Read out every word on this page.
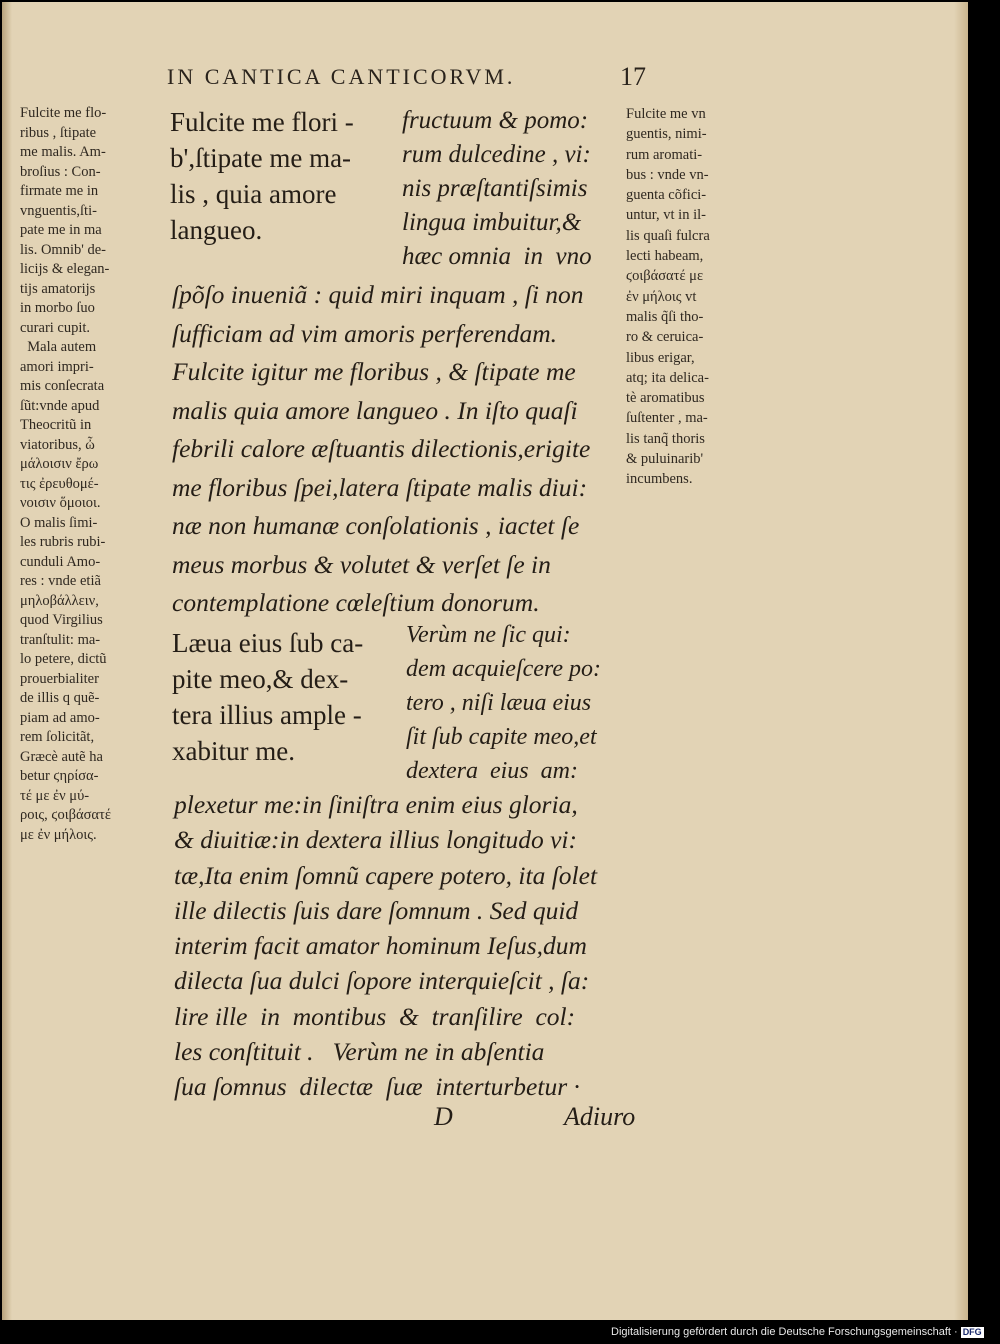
IN CANTICA CANTICORVM.	17
Fulcite me flo-
ribus , ſtipate
me malis. Am-
broſius : Con-
firmate me in
vnguentis,ſti-
pate me in ma
lis. Omnib' de-
licijs & elegan-
tijs amatorijs
in morbo ſuo
curari cupit.
Mala autem
amori impri-
mis conſecrata
ſũt:vnde apud
Theocritũ in
viatoribus, ὦ
μάλοισιν ἔρω
τις ἐρευθομέ-
νοισιν ὅμοιοι.
O malis ſimi-
les rubris rubi-
cunduli Amo-
res : vnde etiã
μηλοβάλλειν,
quod Virgilius
tranſtulit: ma-
lo petere, dictũ
prouerbialiter
de illis q quẽ-
piam ad amo-
rem ſolicitãt,
Græcè autẽ ha
betur ϛηρίσα-
τέ με ἐν μύ-
ροις, ϛοιβάσατέ
με ἐν μήλοις.
Fulcite me vn
guentis, nimi-
rum aromati-
bus : vnde vn-
guenta cõfici-
untur, vt in il-
lis quaſi fulcra
lecti habeam,
ϛοιβάσατέ με
ἐν μήλοις vt
malis q̃ſi tho-
ro & ceruica-
libus erigar,
atq; ita delica-
tè aromatibus
ſuſtenter , ma-
lis tanq̃ thoris
& puluinarib'
incumbens.
Fulcite me flori -
b',ſtipate me ma-
lis , quia amore
langueo.
fructuum & pomo:
rum dulcedine , vi:
nis præſtantiſsimis
lingua imbuitur,&
hæc omnia  in  vno
ſpõſo inueniã : quid miri inquam , ſi non
ſufficiam ad vim amoris perferendam.
Fulcite igitur me floribus , & ſtipate me
malis quia amore langueo . In iſto quaſi
febrili calore æſtuantis dilectionis,erigite
me floribus ſpei,latera ſtipate malis diui:
næ non humanæ conſolationis , iactet ſe
meus morbus & volutet & verſet ſe in
contemplatione cœleſtium donorum.
Læua eius ſub ca-
pite meo,& dex-
tera illius ample -
xabitur me.
Verùm ne ſic qui:
dem acquieſcere po:
tero , niſi læua eius
ſit ſub capite meo,et
dextera  eius  am:
plexetur me:in ſiniſtra enim eius gloria,
& diuitiæ:in dextera illius longitudo vi:
tæ,Ita enim ſomnũ capere potero, ita ſolet
ille dilectis ſuis dare ſomnum . Sed quid
interim facit amator hominum Ieſus,dum
dilecta ſua dulci ſopore interquieſcit , ſa:
lire ille  in  montibus  &  tranſilire  col:
les conſtituit .   Verùm ne in abſentia
ſua ſomnus  dilectæ  ſuæ  interturbetur ·
D	Adiuro
Digitalisierung gefördert durch die Deutsche Forschungsgemeinschaft · DFG
